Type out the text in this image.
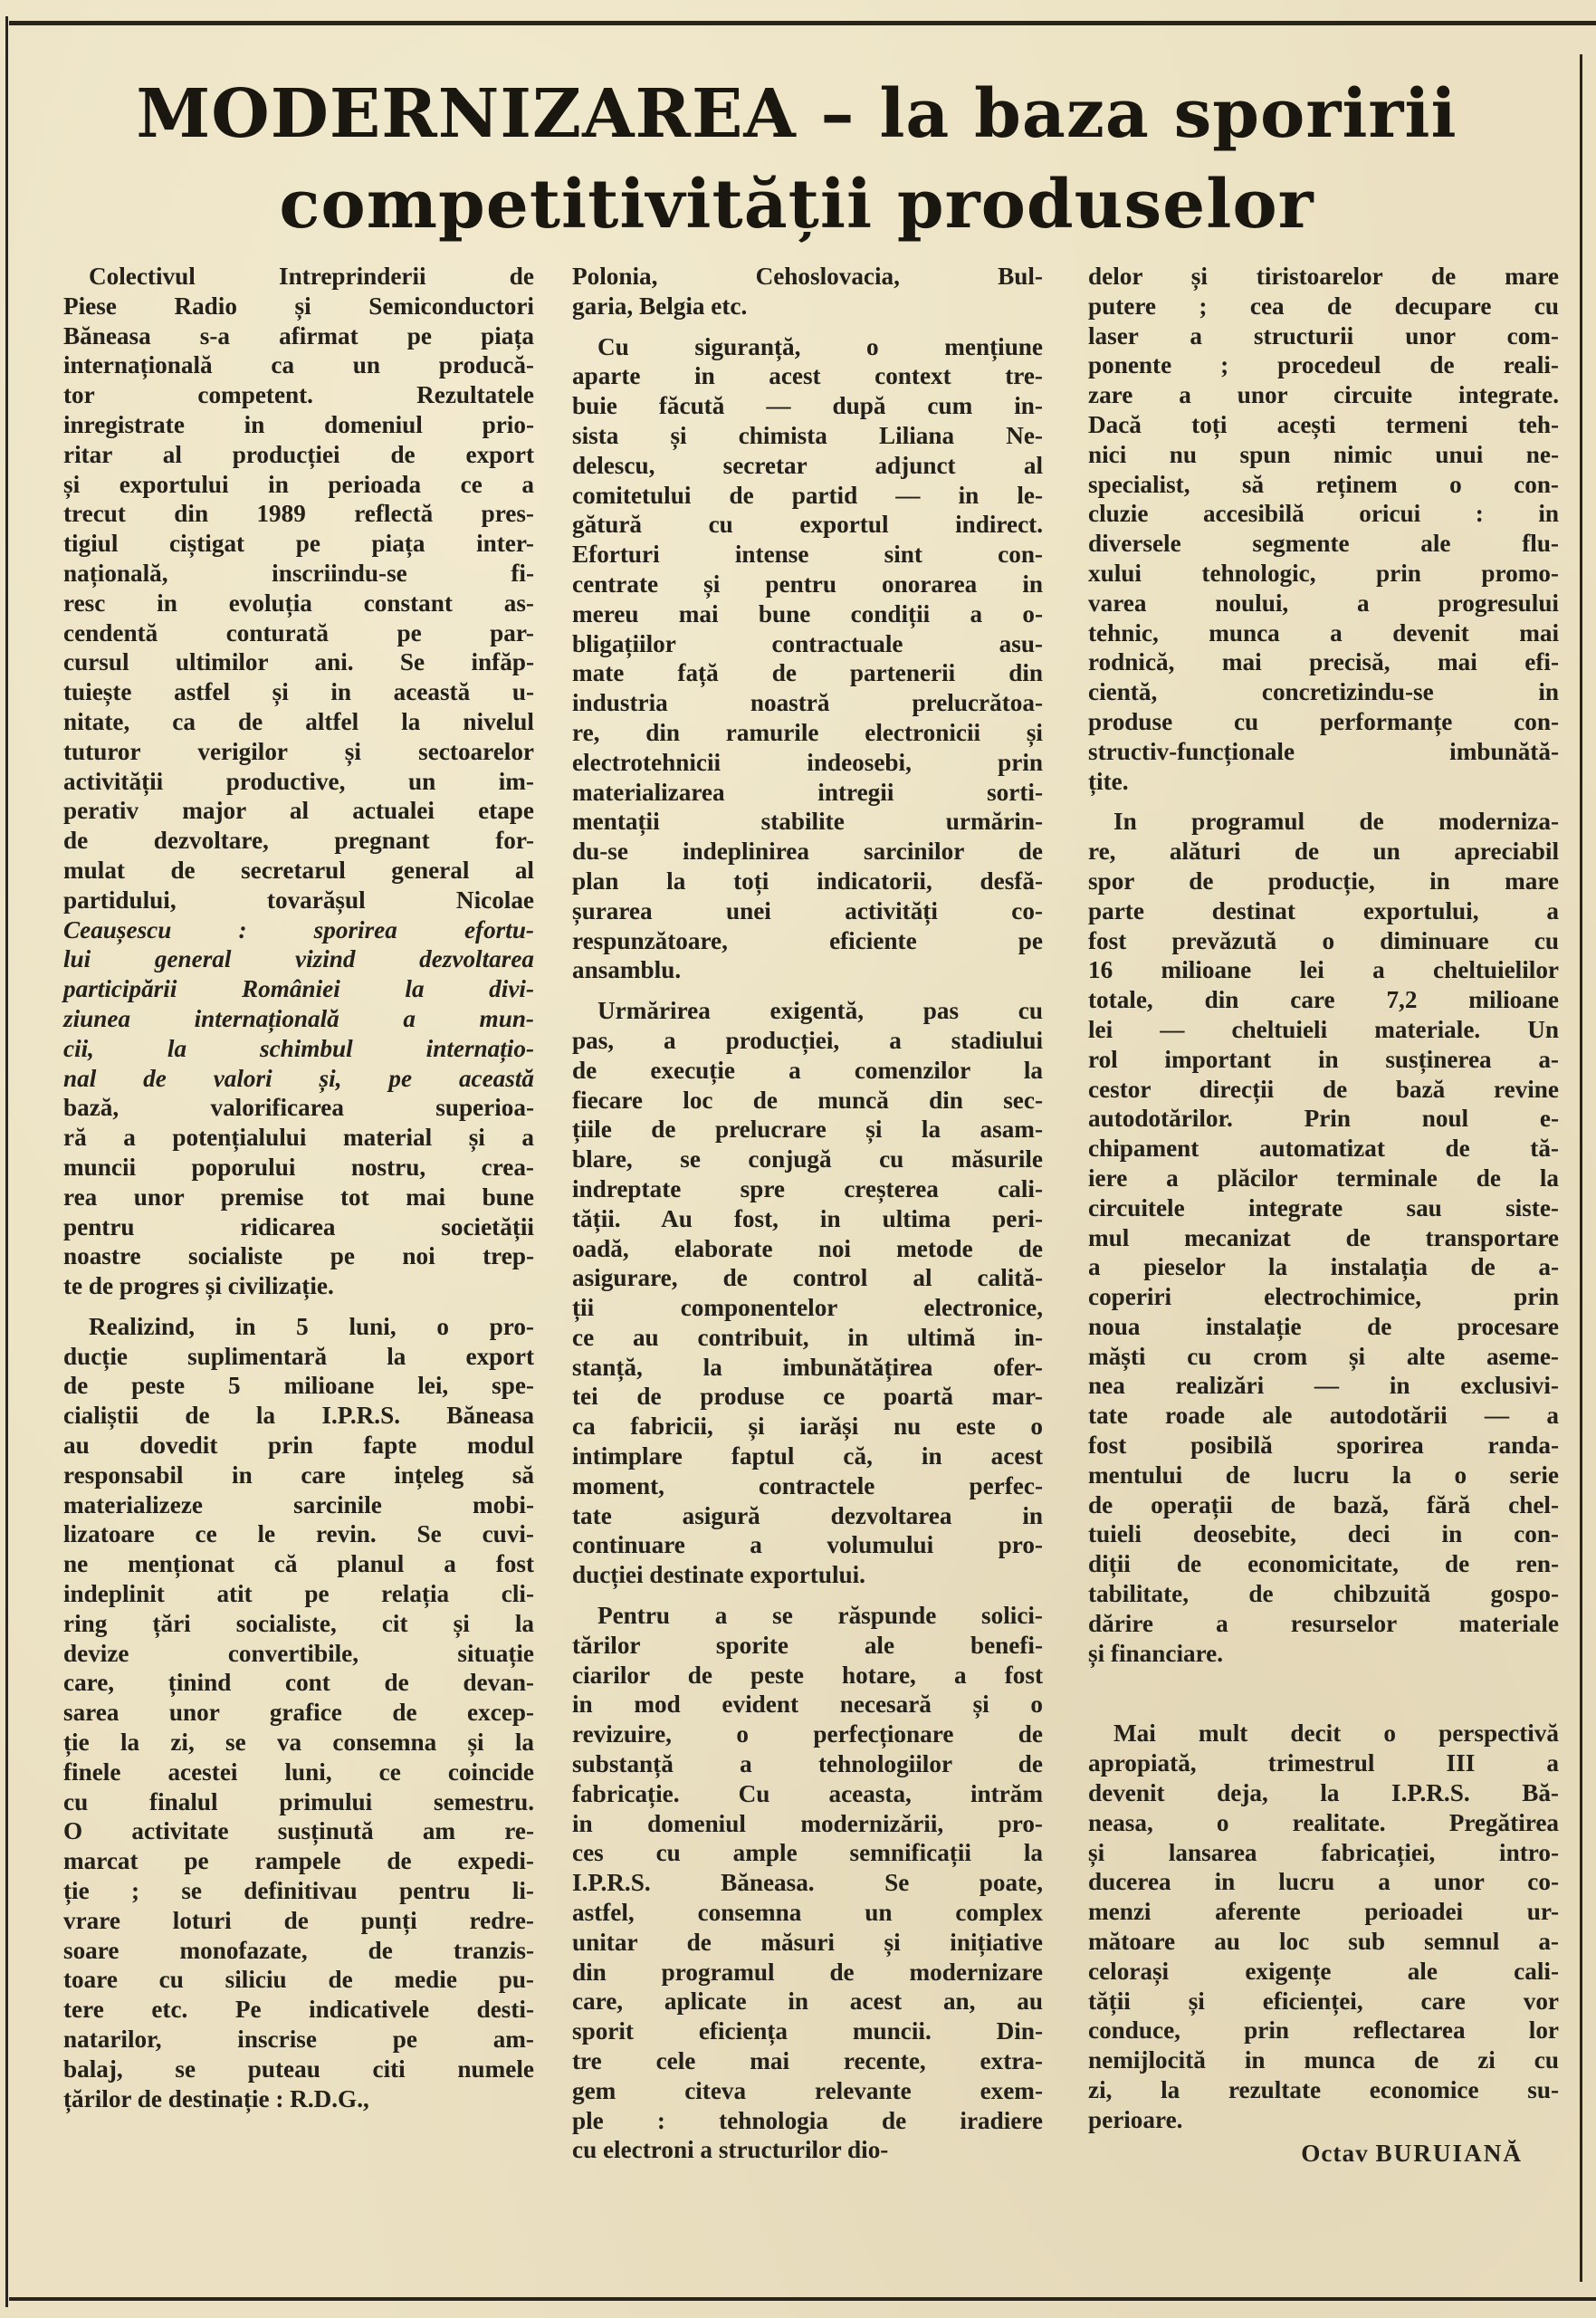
MODERNIZAREA – la baza sporirii
competitivității produselor
Colectivul Intreprinderii de
Piese Radio și Semiconductori
Băneasa s-a afirmat pe piața
internațională ca un producă-
tor competent. Rezultatele
inregistrate in domeniul prio-
ritar al producției de export
și exportului in perioada ce a
trecut din 1989 reflectă pres-
tigiul ciștigat pe piața inter-
națională, inscriindu-se fi-
resc in evoluția constant as-
cendentă conturată pe par-
cursul ultimilor ani. Se infăp-
tuiește astfel și in această u-
nitate, ca de altfel la nivelul
tuturor verigilor și sectoarelor
activității productive, un im-
perativ major al actualei etape
de dezvoltare, pregnant for-
mulat de secretarul general al
partidului, tovarășul Nicolae
Ceaușescu : sporirea efortu-
lui general vizind dezvoltarea
participării României la divi-
ziunea internațională a mun-
cii, la schimbul internațio-
nal de valori și, pe această
bază, valorificarea superioa-
ră a potențialului material și a
muncii poporului nostru, crea-
rea unor premise tot mai bune
pentru ridicarea societății
noastre socialiste pe noi trep-
te de progres și civilizație.
Realizind, in 5 luni, o pro-
ducție suplimentară la export
de peste 5 milioane lei, spe-
cialiștii de la I.P.R.S. Băneasa
au dovedit prin fapte modul
responsabil in care ințeleg să
materializeze sarcinile mobi-
lizatoare ce le revin. Se cuvi-
ne menționat că planul a fost
indeplinit atit pe relația cli-
ring țări socialiste, cit și la
devize convertibile, situație
care, ținind cont de devan-
sarea unor grafice de excep-
ție la zi, se va consemna și la
finele acestei luni, ce coincide
cu finalul primului semestru.
O activitate susținută am re-
marcat pe rampele de expedi-
ție ; se definitivau pentru li-
vrare loturi de punți redre-
soare monofazate, de tranzis-
toare cu siliciu de medie pu-
tere etc. Pe indicativele desti-
natarilor, inscrise pe am-
balaj, se puteau citi numele
țărilor de destinație : R.D.G.,
Polonia, Cehoslovacia, Bul-
garia, Belgia etc.
Cu siguranță, o mențiune
aparte in acest context tre-
buie făcută — după cum in-
sista și chimista Liliana Ne-
delescu, secretar adjunct al
comitetului de partid — in le-
gătură cu exportul indirect.
Eforturi intense sint con-
centrate și pentru onorarea in
mereu mai bune condiții a o-
bligațiilor contractuale asu-
mate față de partenerii din
industria noastră prelucrătoa-
re, din ramurile electronicii și
electrotehnicii indeosebi, prin
materializarea intregii sorti-
mentații stabilite urmărin-
du-se indeplinirea sarcinilor de
plan la toți indicatorii, desfă-
șurarea unei activități co-
respunzătoare, eficiente pe
ansamblu.
Urmărirea exigentă, pas cu
pas, a producției, a stadiului
de execuție a comenzilor la
fiecare loc de muncă din sec-
țiile de prelucrare și la asam-
blare, se conjugă cu măsurile
indreptate spre creșterea cali-
tății. Au fost, in ultima peri-
oadă, elaborate noi metode de
asigurare, de control al calită-
ții componentelor electronice,
ce au contribuit, in ultimă in-
stanță, la imbunătățirea ofer-
tei de produse ce poartă mar-
ca fabricii, și iarăși nu este o
intimplare faptul că, in acest
moment, contractele perfec-
tate asigură dezvoltarea in
continuare a volumului pro-
ducției destinate exportului.
Pentru a se răspunde solici-
tărilor sporite ale benefi-
ciarilor de peste hotare, a fost
in mod evident necesară și o
revizuire, o perfecționare de
substanță a tehnologiilor de
fabricație. Cu aceasta, intrăm
in domeniul modernizării, pro-
ces cu ample semnificații la
I.P.R.S. Băneasa. Se poate,
astfel, consemna un complex
unitar de măsuri și inițiative
din programul de modernizare
care, aplicate in acest an, au
sporit eficiența muncii. Din-
tre cele mai recente, extra-
gem citeva relevante exem-
ple : tehnologia de iradiere
cu electroni a structurilor dio-
delor și tiristoarelor de mare
putere ; cea de decupare cu
laser a structurii unor com-
ponente ; procedeul de reali-
zare a unor circuite integrate.
Dacă toți acești termeni teh-
nici nu spun nimic unui ne-
specialist, să reținem o con-
cluzie accesibilă oricui : in
diversele segmente ale flu-
xului tehnologic, prin promo-
varea noului, a progresului
tehnic, munca a devenit mai
rodnică, mai precisă, mai efi-
cientă, concretizindu-se in
produse cu performanțe con-
structiv-funcționale imbunătă-
țite.
In programul de moderniza-
re, alături de un apreciabil
spor de producție, in mare
parte destinat exportului, a
fost prevăzută o diminuare cu
16 milioane lei a cheltuielilor
totale, din care 7,2 milioane
lei — cheltuieli materiale. Un
rol important in susținerea a-
cestor direcții de bază revine
autodotărilor. Prin noul e-
chipament automatizat de tă-
iere a plăcilor terminale de la
circuitele integrate sau siste-
mul mecanizat de transportare
a pieselor la instalația de a-
coperiri electrochimice, prin
noua instalație de procesare
măști cu crom și alte aseme-
nea realizări — in exclusivi-
tate roade ale autodotării — a
fost posibilă sporirea randa-
mentului de lucru la o serie
de operații de bază, fără chel-
tuieli deosebite, deci in con-
diții de economicitate, de ren-
tabilitate, de chibzuită gospo-
dărire a resurselor materiale
și financiare.
Mai mult decit o perspectivă
apropiată, trimestrul III a
devenit deja, la I.P.R.S. Bă-
neasa, o realitate. Pregătirea
și lansarea fabricației, intro-
ducerea in lucru a unor co-
menzi aferente perioadei ur-
mătoare au loc sub semnul a-
celorași exigențe ale cali-
tății și eficienței, care vor
conduce, prin reflectarea lor
nemijlocită in munca de zi cu
zi, la rezultate economice su-
perioare.
Octav BURUIANĂ
